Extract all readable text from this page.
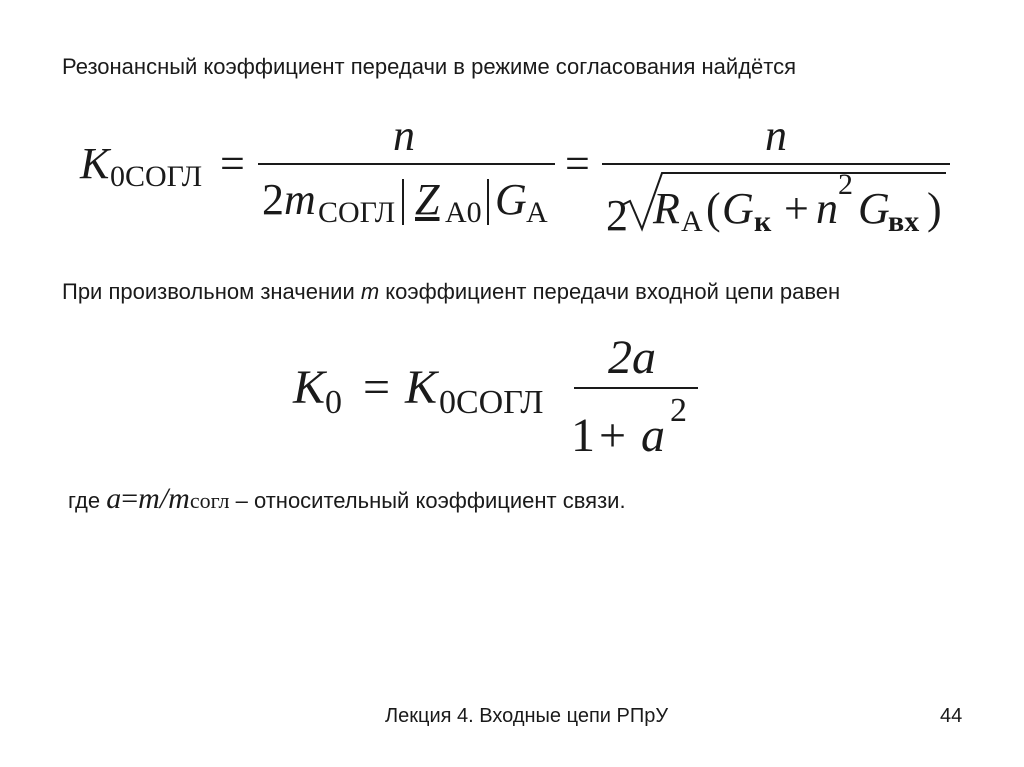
Резонансный коэффициент передачи в режиме согласования найдётся
K 0СОГЛ =
n
2 m СОГЛ Z A0 G A
=
n
2 R A ( G к + n 2 G
вх )
При произвольном значении m коэффициент передачи входной цепи равен
K 0 = K 0СОГЛ
2a
1 + a 2
где a=m/mсогл – относительный коэффициент связи.
Лекция 4. Входные цепи РПрУ	44
